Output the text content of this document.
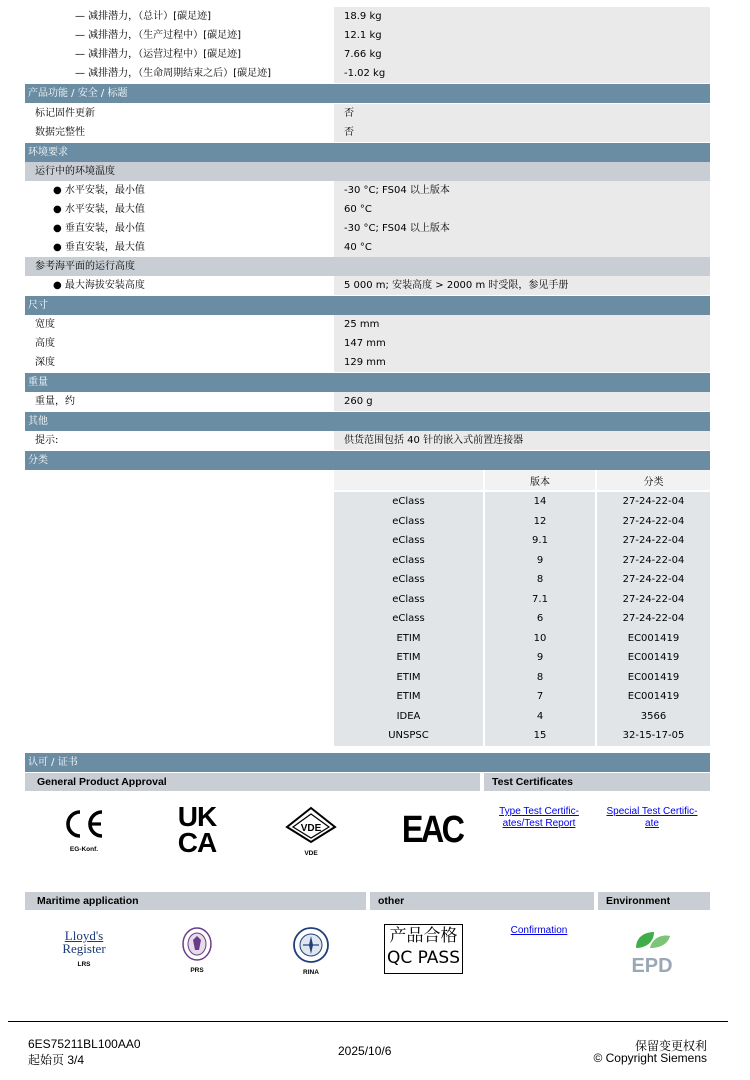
— 减排潜力，（总计）[碳足迹]	18.9 kg
— 减排潜力，（生产过程中）[碳足迹]	12.1 kg
— 减排潜力，（运营过程中）[碳足迹]	7.66 kg
— 减排潜力，（生命周期结束之后）[碳足迹]	-1.02 kg
产品功能 / 安全 / 标题
标记固件更新	否
数据完整性	否
环境要求
运行中的环境温度
● 水平安装，最小值	-30 °C; FS04 以上版本
● 水平安装，最大值	60 °C
● 垂直安装，最小值	-30 °C; FS04 以上版本
● 垂直安装，最大值	40 °C
参考海平面的运行高度
● 最大海拔安装高度	5 000 m; 安装高度 > 2000 m 时受限，参见手册
尺寸
宽度	25 mm
高度	147 mm
深度	129 mm
重量
重量，约	260 g
其他
提示:	供货范围包括 40 针的嵌入式前置连接器
分类
	版本	分类
eClass	14	27-24-22-04
eClass	12	27-24-22-04
eClass	9.1	27-24-22-04
eClass	9	27-24-22-04
eClass	8	27-24-22-04
eClass	7.1	27-24-22-04
eClass	6	27-24-22-04
ETIM	10	EC001419
ETIM	9	EC001419
ETIM	8	EC001419
ETIM	7	EC001419
IDEA	4	3566
UNSPSC	15	32-15-17-05
认可 / 证书
General Product Approval	Test Certificates
EG-Konf.
UK
CA	VDE
VDE
EAC	Type Test Certific-ates/Test Report
Special Test Certific-ate
Maritime application	other	Environment
Lloyd's
Register
LRS
PRS	RINA
产品合格
QC PASS
Confirmation
EPD
6ES75211BL100AA0
起始页 3/4
2025/10/6	保留变更权利
© Copyright Siemens
